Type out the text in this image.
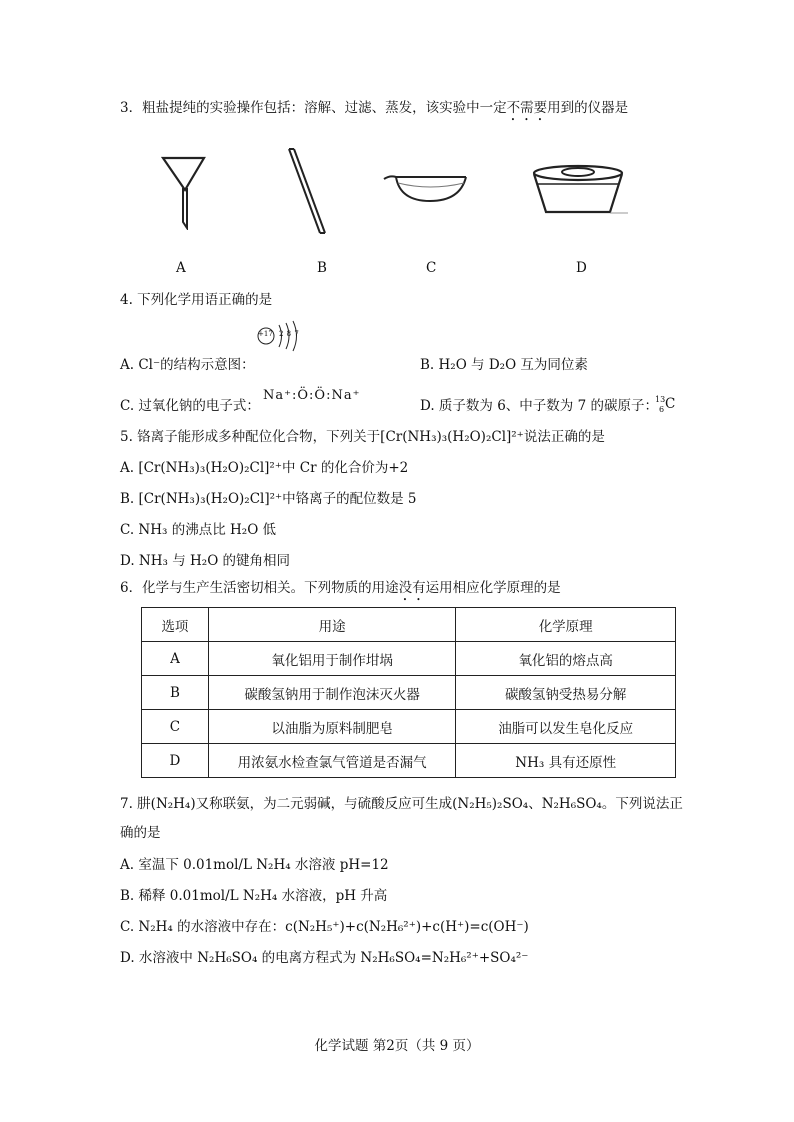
3．粗盐提纯的实验操作包括：溶解、过滤、蒸发，该实验中一定不需要用到的仪器是
A	B	C	D
4. 下列化学用语正确的是
+17 2 8 7
A. Cl⁻的结构示意图：	B. H₂O 与 D₂O 互为同位素
C. 过氧化钠的电子式：
Na⁺:Ö:Ö:Na⁺
D. 质子数为 6、中子数为 7 的碳原子：
13
6 C
5. 铬离子能形成多种配位化合物，下列关于[Cr(NH₃)₃(H₂O)₂Cl]²⁺说法正确的是
A. [Cr(NH₃)₃(H₂O)₂Cl]²⁺中 Cr 的化合价为+2
B. [Cr(NH₃)₃(H₂O)₂Cl]²⁺中铬离子的配位数是 5
C. NH₃ 的沸点比 H₂O 低
D. NH₃ 与 H₂O 的键角相同
6．化学与生产生活密切相关。下列物质的用途没有运用相应化学原理的是
选项	用途	化学原理
A	氧化铝用于制作坩埚	氧化铝的熔点高
B	碳酸氢钠用于制作泡沫灭火器	碳酸氢钠受热易分解
C	以油脂为原料制肥皂	油脂可以发生皂化反应
D	用浓氨水检查氯气管道是否漏气	NH₃ 具有还原性
7. 肼(N₂H₄)又称联氨，为二元弱碱，与硫酸反应可生成(N₂H₅)₂SO₄、N₂H₆SO₄。下列说法正
确的是
A. 室温下 0.01mol/L N₂H₄ 水溶液 pH=12
B. 稀释 0.01mol/L N₂H₄ 水溶液，pH 升高
C. N₂H₄ 的水溶液中存在：c(N₂H₅⁺)+c(N₂H₆²⁺)+c(H⁺)=c(OH⁻)
D. 水溶液中 N₂H₆SO₄ 的电离方程式为 N₂H₆SO₄=N₂H₆²⁺+SO₄²⁻
化学试题 第2页（共 9 页）
